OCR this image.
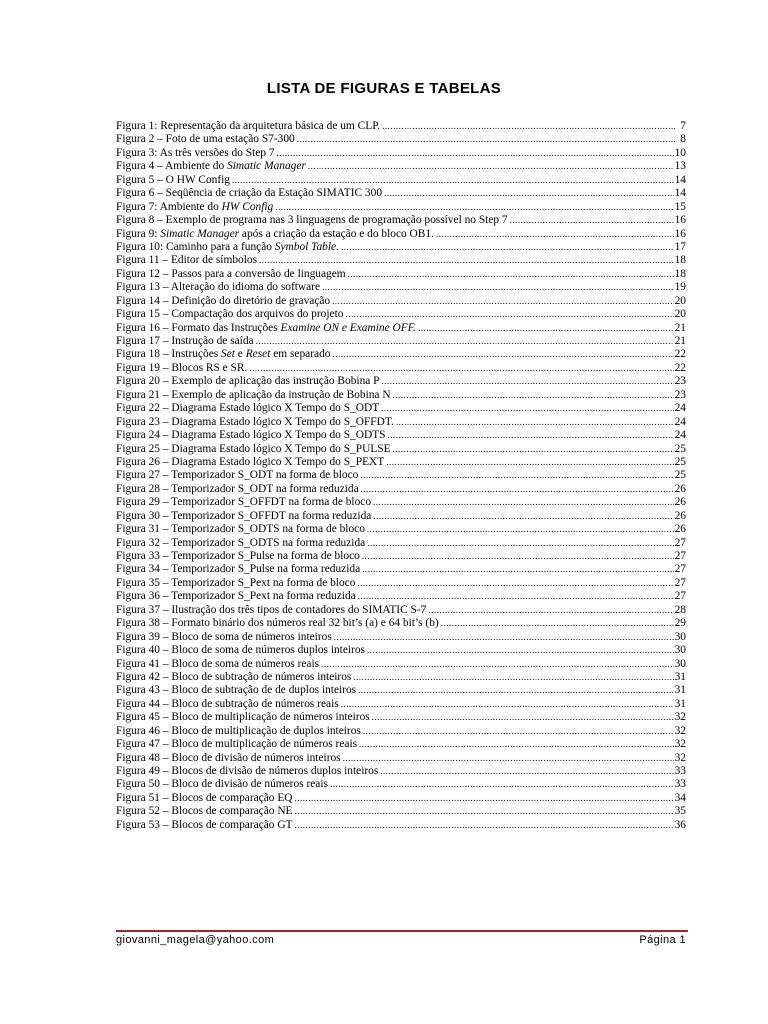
LISTA DE FIGURAS E TABELAS
Figura 1: Representação da arquitetura básica de um CLP. .....	7
Figura 2 – Foto de uma estação S7-300 .....	8
Figura 3: As três versões do Step 7 .....	10
Figura 4 – Ambiente do Simatic Manager .....	13
Figura 5 – O HW Config .....	14
Figura 6 – Seqüência de criação da Estação SIMATIC 300 .....	14
Figura 7: Ambiente do HW Config .....	15
Figura 8 – Exemplo de programa nas 3 linguagens de programação possível no Step 7 .....	16
Figura 9: Simatic Manager após a criação da estação e do bloco OB1. .....	16
Figura 10: Caminho para a função Symbol Table. .....	17
Figura 11 – Editor de símbolos .....	18
Figura 12 – Passos para a conversão de linguagem .....	18
Figura 13 – Alteração do idioma do software .....	19
Figura 14 – Definição do diretório de gravação .....	20
Figura 15 – Compactação dos arquivos do projeto .....	20
Figura 16 – Formato das Instruções Examine ON e Examine OFF. .....	21
Figura 17 – Instrução de saída .....	21
Figura 18 – Instruções Set e Reset em separado .....	22
Figura 19 – Blocos RS e SR. .....	22
Figura 20 – Exemplo de aplicação das instrução Bobina P .....	23
Figura 21 – Exemplo de aplicação da instrução de Bobina N .....	23
Figura 22 – Diagrama Estado lógico X Tempo do S_ODT .....	24
Figura 23 – Diagrama Estado lógico X Tempo do S_OFFDT. .....	24
Figura 24 – Diagrama Estado lógico X Tempo do S_ODTS .....	24
Figura 25 – Diagrama Estado lógico X Tempo do S_PULSE .....	25
Figura 26 – Diagrama Estado lógico X Tempo do S_PEXT .....	25
Figura 27 – Temporizador S_ODT na forma de bloco .....	25
Figura 28 – Temporizador S_ODT na forma reduzida .....	26
Figura 29 – Temporizador S_OFFDT na forma de bloco .....	26
Figura 30 – Temporizador S_OFFDT na forma reduzida .....	26
Figura 31 – Temporizador S_ODTS na forma de bloco .....	26
Figura 32 – Temporizador S_ODTS na forma reduzida .....	27
Figura 33 – Temporizador S_Pulse na forma de bloco .....	27
Figura 34 – Temporizador S_Pulse na forma reduzida .....	27
Figura 35 – Temporizador S_Pext na forma de bloco .....	27
Figura 36 – Temporizador S_Pext na forma reduzida .....	27
Figura 37 – Ilustração dos três tipos de contadores do SIMATIC S-7 .....	28
Figura 38 – Formato binário dos números real 32 bit’s (a) e 64 bit’s (b) .....	29
Figura 39 – Bloco de soma de números inteiros .....	30
Figura 40 – Bloco de soma de números duplos inteiros .....	30
Figura 41 – Bloco de soma de números reais .....	30
Figura 42 – Bloco de subtração de números inteiros .....	31
Figura 43 – Bloco de subtração de de duplos inteiros .....	31
Figura 44 – Bloco de subtração de números reais .....	31
Figura 45 – Bloco de multiplicação de números inteiros .....	32
Figura 46 – Bloco de multiplicação de duplos inteiros .....	32
Figura 47 – Bloco de multiplicação de números reais .....	32
Figura 48 – Bloco de divisão de números inteiros .....	32
Figura 49 – Blocos de divisão de números duplos inteiros .....	33
Figura 50 – Bloco de divisão de números reais .....	33
Figura 51 – Blocos de comparação EQ .....	34
Figura 52 – Blocos de comparação NE .....	35
Figura 53 – Blocos de comparação GT .....	36
giovanni_magela@yahoo.com	Página 1
